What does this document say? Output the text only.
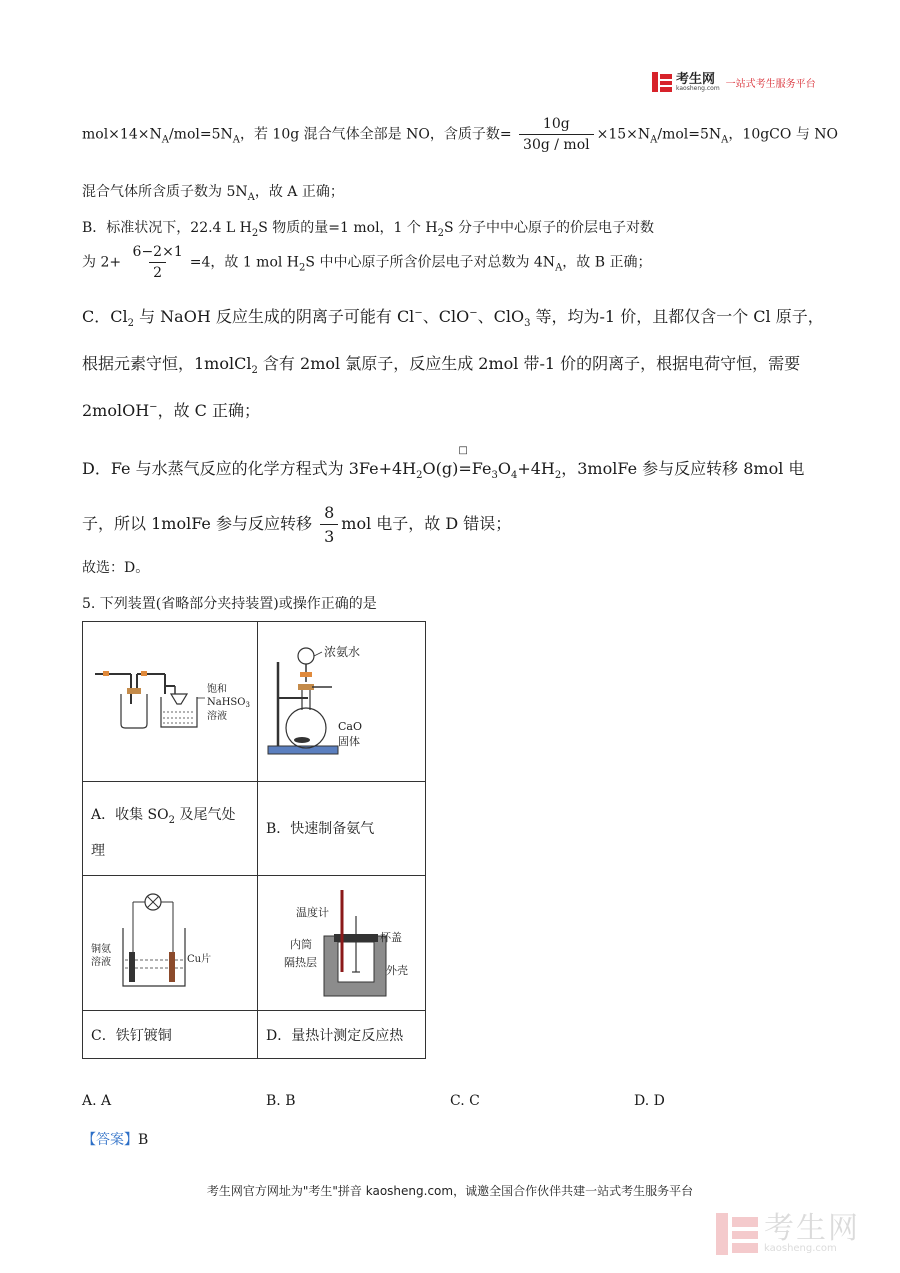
考生网
kaosheng.com 一站式考生服务平台
$mol\times 14\times N_A/mol=5N_A$，若 10g 混合气体全部是 NO，含质子数= $\frac{10g}{\text{30g / mol}} \times 15\times N_A/mol=5N_A$，10gCO 与 NO
混合气体所含质子数为 $5N_A$，故 A 正确；
B．标准状况下，22.4 L $H_2S$ 物质的量=1 mol，1 个 $H_2S$ 分子中中心原子的价层电子对数
为 $2+ \frac{6-2\times 1}{2} =4$，故 1 mol $H_2S$ 中中心原子所含价层电子对总数为 $4N_A$，故 B 正确；
C．$Cl_2$ 与 NaOH 反应生成的阴离子可能有 Cl−、ClO−、ClO$_3$ 等，均为-1 价，且都仅含一个 Cl 原子，
根据元素守恒，1molCl$_2$ 含有 2mol 氯原子，反应生成 2mol 带-1 价的阴离子，根据电荷守恒，需要
2molOH−，故 C 正确；
D．Fe 与水蒸气反应的化学方程式为 $3Fe+4H_2O(g)$
□
$=Fe_3O_4+4H_2$，3molFe 参与反应转移 8mol 电
子，所以 1molFe 参与反应转移 $\frac{8}{3}$ mol 电子，故 D 错误；
故选：D。
5. 下列装置(省略部分夹持装置)或操作正确的是
饱和
NaHSO$_3$
溶液	浓氨水
CaO
固体

A．收集 $SO_2$ 及尾气处
理	B．快速制备氨气

铜氨
溶液 Cu片	温度计
杯盖
内筒
隔热层
外壳

C．铁钉镀铜	D．量热计测定反应热
A. A	B. B	C. C	D. D
【答案】B
考生网官方网址为"考生"拼音 kaosheng.com，诚邀全国合作伙伴共建一站式考生服务平台
考生网
kaosheng.com
